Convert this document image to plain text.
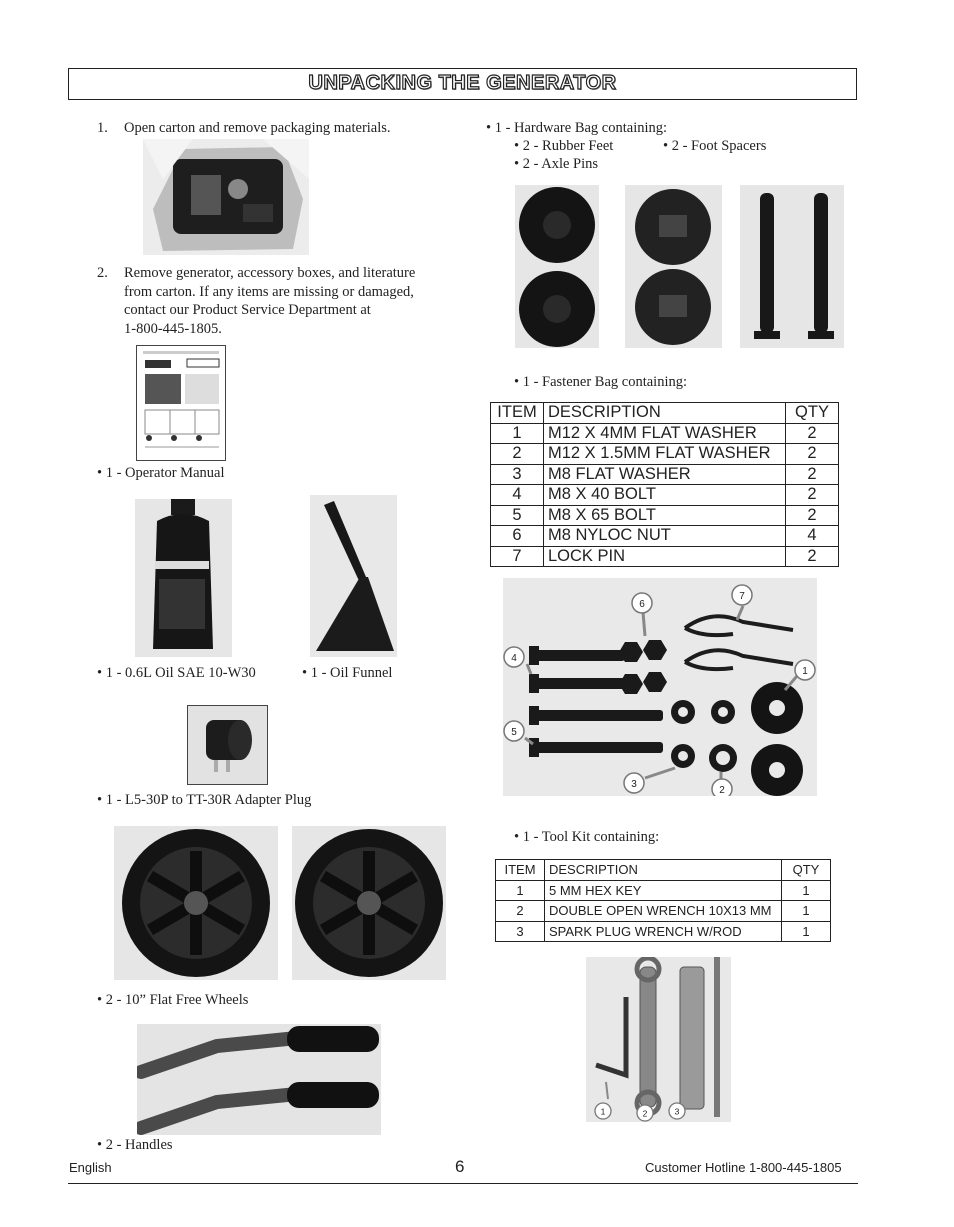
UNPACKING THE GENERATOR
1.	Open carton and remove packaging materials.
2.	Remove generator, accessory boxes, and literature
from carton. If any items are missing or damaged,
contact our Product Service Department at
1-800-445-1805.
• 1 - Operator Manual
• 1 - 0.6L Oil SAE 10-W30	• 1 - Oil Funnel
• 1 - L5-30P to TT-30R Adapter Plug
• 2 - 10” Flat Free Wheels
• 2 - Handles
• 1 - Hardware Bag containing:
• 2 - Rubber Feet	• 2 - Foot Spacers
• 2 - Axle Pins
• 1 - Fastener Bag containing:
ITEM	DESCRIPTION	QTY
1	M12 X 4MM FLAT WASHER	2
2	M12 X 1.5MM FLAT WASHER	2
3	M8 FLAT WASHER	2
4	M8 X 40 BOLT	2
5	M8 X 65 BOLT	2
6	M8 NYLOC NUT	4
7	LOCK PIN	2
6
7
1
4
5
3
2
• 1 - Tool Kit containing:
ITEM	DESCRIPTION	QTY
1	5 MM HEX KEY	1
2	DOUBLE OPEN WRENCH 10X13 MM	1
3	SPARK PLUG WRENCH W/ROD	1
1	2	3
English	6	Customer Hotline 1-800-445-1805
